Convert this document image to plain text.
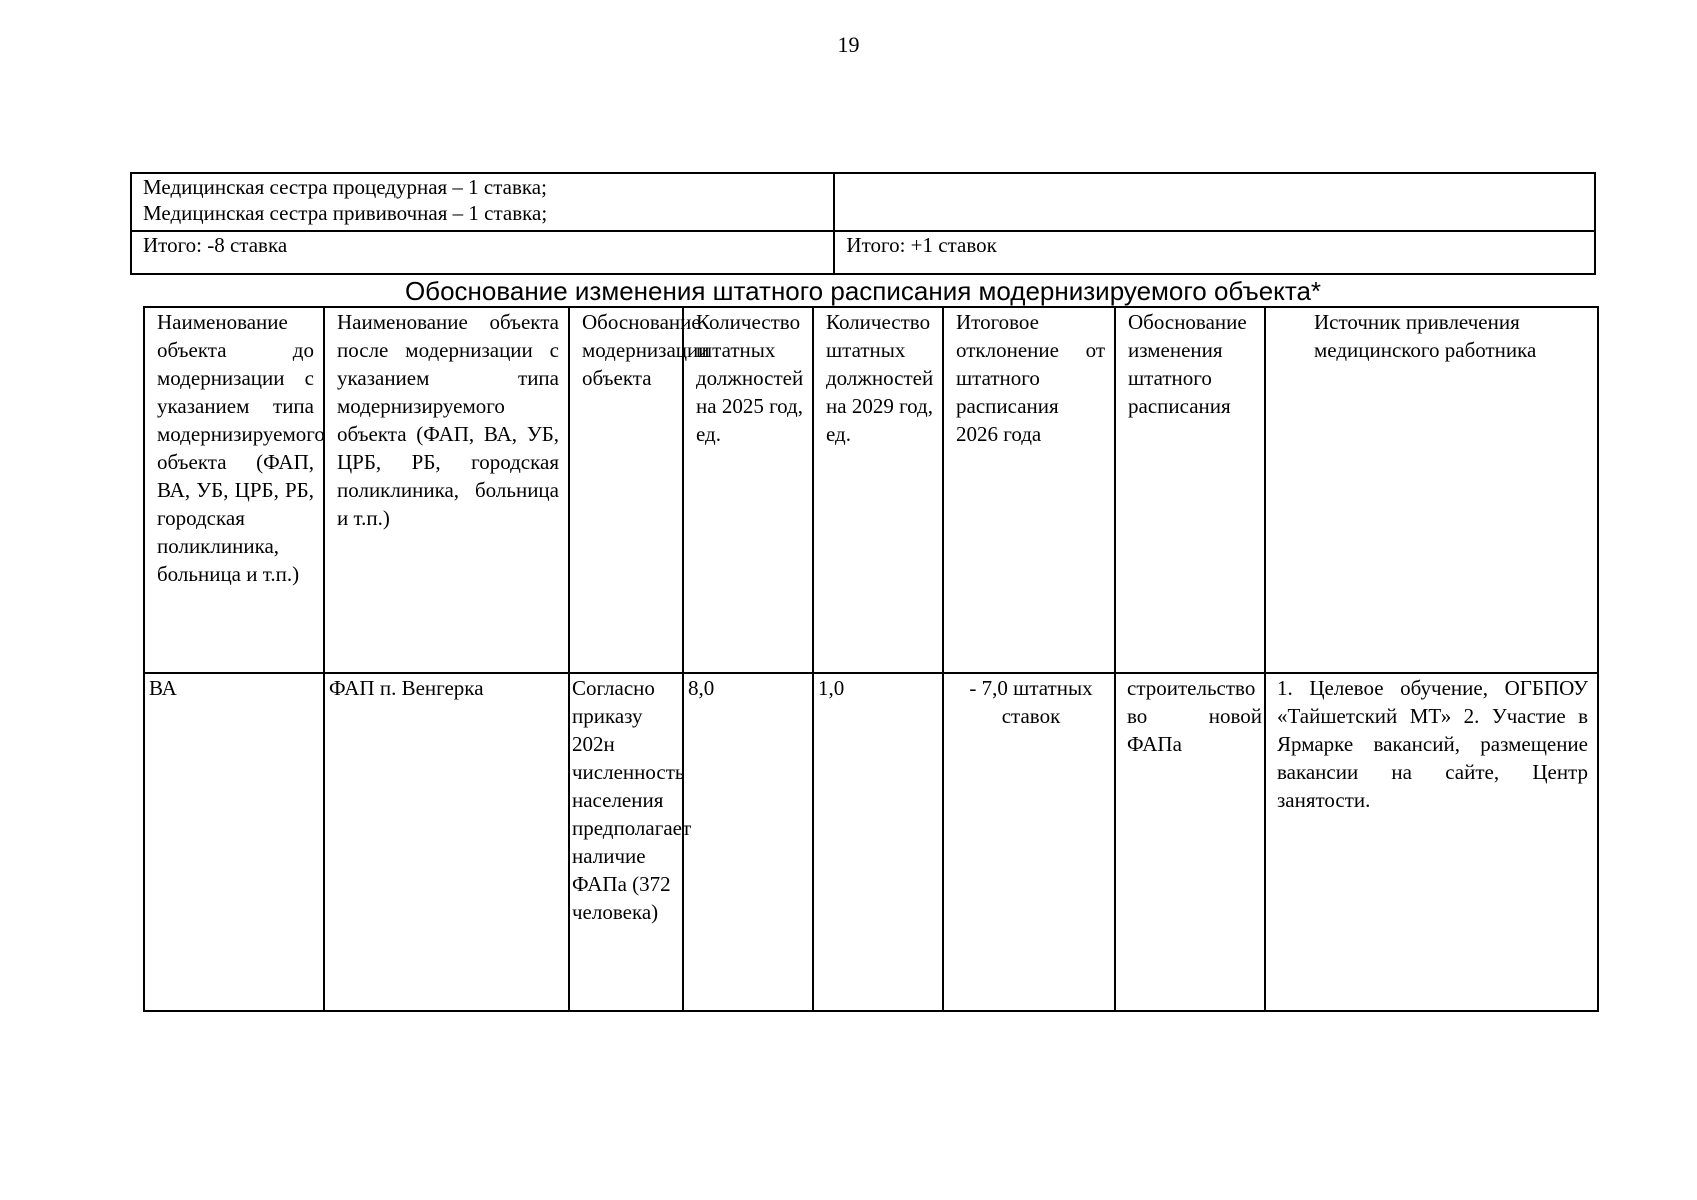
19
Медицинская сестра процедурная – 1 ставка;
Медицинская сестра прививочная – 1 ставка;	

Итого: -8 ставка	Итого: +1 ставок
Обоснование изменения штатного расписания модернизируемого объекта*
Наименование объекта до модернизации с указанием типа модернизируемого объекта (ФАП, ВА, УБ, ЦРБ, РБ, городская поликлиника, больница и т.п.)	Наименование объекта после модернизации с указанием типа модернизируемого объекта (ФАП, ВА, УБ, ЦРБ, РБ, городская поликлиника, больница и т.п.)	Обоснование модернизации объекта	Количество штатных должностей на 2025 год, ед.	Количество штатных должностей на 2029 год, ед.	Итоговое отклонение от штатного расписания 2026 года	Обоснование изменения штатного расписания	Источник привлечения медицинского работника
ВА	ФАП п. Венгерка	Согласно приказу 202н численность населения предполагает наличие ФАПа (372 человека)	8,0	1,0	- 7,0 штатных ставок	строительство во новой ФАПа	1. Целевое обучение, ОГБПОУ «Тайшетский МТ» 2. Участие в Ярмарке вакансий, размещение вакансии на сайте, Центр занятости.
